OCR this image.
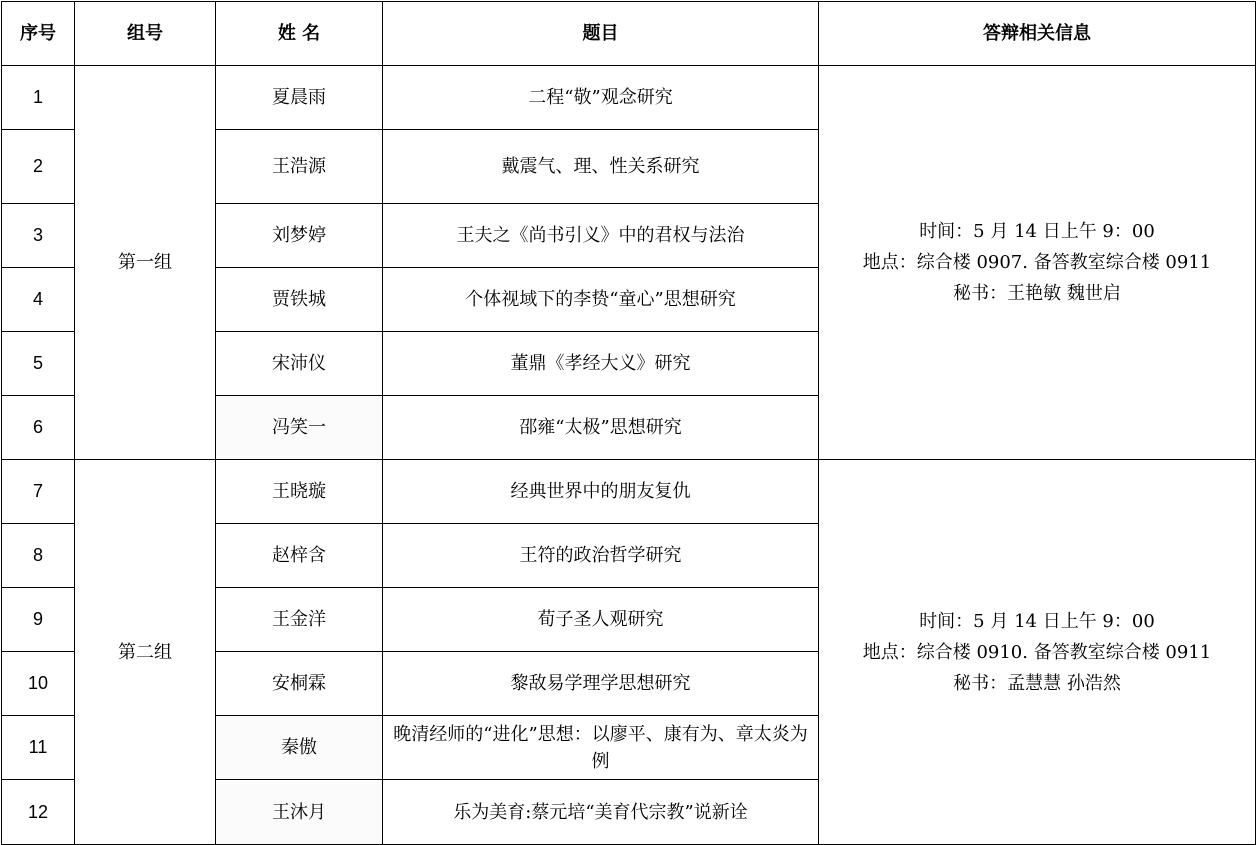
序号	组号	姓 名	题目	答辩相关信息
1	第一组	夏晨雨	二程“敬”观念研究	时间：5 月 14 日上午 9：00
地点：综合楼 0907. 备答教室综合楼 0911
秘书：王艳敏 魏世启

2		王浩源	戴震气、理、性关系研究	
3		刘梦婷	王夫之《尚书引义》中的君权与法治	
4		贾铁城	个体视域下的李贽“童心”思想研究	
5		宋沛仪	董鼎《孝经大义》研究	
6		冯笑一	邵雍“太极”思想研究	
7	第二组	王晓璇	经典世界中的朋友复仇	时间：5 月 14 日上午 9：00
地点：综合楼 0910. 备答教室综合楼 0911
秘书：孟慧慧 孙浩然

8		赵梓含	王符的政治哲学研究	
9		王金洋	荀子圣人观研究	
10		安桐霖	黎敌易学理学思想研究	
11		秦傲	晚清经师的“进化”思想：以廖平、康有为、章太炎为例	
12		王沐月	乐为美育:蔡元培“美育代宗教”说新诠	
